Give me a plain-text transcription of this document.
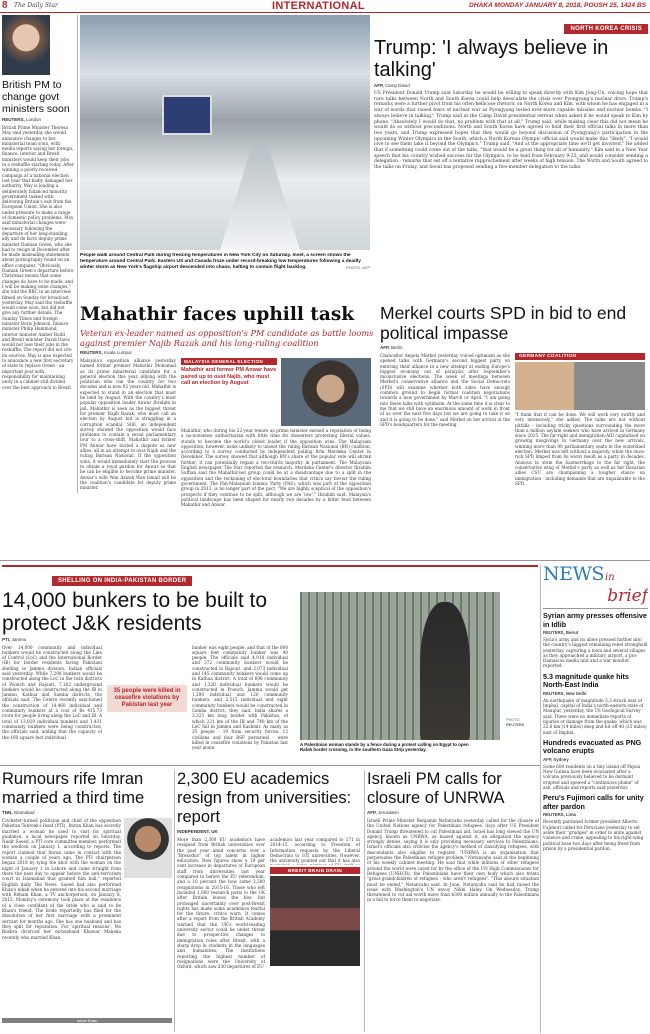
8 The Daily Star	INTERNATIONAL	DHAKA MONDAY JANUARY 8, 2018, POUSH 25, 1424 BS
British PM to change govt ministers soon
REUTERS, London
British Prime Minister Theresa May said yesterday she would announce changes to her ministerial team soon, with media reports saying her foreign, finance, interior and Brexit ministers would keep their jobs in a reshuffle starting today. After winning a poorly-received campaign at a national election last year that badly damaged her authority, May is leading a deliberately balanced minority government tasked with delivering Britain's exit from the European Union. She is also under pressure to make a range of domestic policy problems. May said ministerial changes were necessary following the departure of her long-standing ally and de facto deputy prime minister Damian Green, who she had to resign in December after he made misleading statements about pornography found on an office computer. "Obviously, Damian Green's departure before Christmas means that some changes do have to be made, and I will be making some changes," she told the BBC in an interview filmed on Sunday for broadcast yesterday. May said the reshuffle would come soon, but did not give any further details. The Sunday Times and foreign minister Boris Johnson, finance minister Philip Hammond, interior minister Amber Rudd and Brexit minister David Davis would not lose their jobs in the reshuffle. The report did not cite its sources. May is also expected to announce a new first secretary of state to replace Green - an important post with responsibility for maintaining unity in a cabinet still divided over the best approach to Brexit.
People walk around Central Park during freezing temperatures in New York City on Saturday. Inset, a screen shows the temperature around Central Park. Eastern US and Canada froze under record-breaking low temperatures following a deadly winter storm as New York's flagship airport descended into chaos, halting to contain flight backlog.	PHOTO: AFP
NORTH KOREA CRISIS
Trump: 'I always believe in talking'
AFP, Camp David
US President Donald Trump said Saturday he would be willing to speak directly with Kim Jong-Un, voicing hope that rare talks between North and South Korea could help deescalate the crisis over Pyongyang's nuclear drive. Trump's remarks were a further pivot from his often-bellicose rhetoric on North Korea and Kim, with whom he has engaged in a war of words that raised fears of nuclear war as Pyongyang tested ever-more capable missiles and nuclear bombs. "I always believe in talking," Trump said at the Camp David presidential retreat when asked if he would speak to Kim by phone. "Absolutely I would do that, no problem with that at all," Trump said, while making clear this did not mean he would do so without preconditions. North and South Korea have agreed to hold their first official talks in more than two years, and Trump expressed hopes that they would go beyond discussion of Pyongyang's participation in the upcoming Winter Olympics in the South, which a North Korean Olympic official said would make this "likely". "I would love to see them take it beyond the Olympics," Trump said. "And at the appropriate time we'll get involved." He added that if something could come out of the talks, "that would be a great thing for all of humanity." Kim said in a New Year speech that his country wished success for the Olympics, to be held from February 9-25, and would consider sending a delegation - remarks that set off a tentative rapprochement after weeks of high tension. The North and South agreed to the talks on Friday, and Seoul has proposed sending a five-member delegation to the talks.
Mahathir faces uphill task
Veteran ex-leader named as opposition's PM candidate as battle looms against premier Najib Razak and his long-ruling coalition
REUTERS, Kuala Lumpur
Malaysia's opposition alliance yesterday named former premier Mahathir Mohamad as its prime ministerial candidate for a general election this year, allying with the politician who ran the country for two decades and is now 92 years old. Mahathir is expected to stand in an election that must be held by August. With the country's most popular opposition leader Anwar Ibrahim in jail, Mahathir is seen as the biggest threat for premier Najib Razak, who must call an election by August but is struggling in a corruption scandal. Still, an independent survey showed the opposition would face problems to contain a serial parliamentary tour to a cross-shift. Mahathir and former PM Anwar have buried a dispute as new allies, all in an attempt to oust Najib and the ruling Barisan Nasional. If the opposition wins, it would immediately start the process to obtain a royal pardon for Anwar so that he can be eligible to become prime minister. Anwar's wife Wan Azizah Wan Ismail will be the coalition's candidate for deputy prime minister.
MALAYSIA GENERAL ELECTION
Mahathir and former PM Anwar have paired up to oust Najib, who must call an election by August
Mahathir, who during his 22-year tenure as prime minister earned a reputation of being a no-nonsense authoritarian with little time for dissenters protesting liberal values, stands to become the world's oldest leader if the opposition wins. The Malaysian opposition, however, looks unlikely to unseat the ruling Barisan Nasional (BN) coalition, according to a survey conducted by independent polling firm Merdeka Center in December. The survey showed that although BN's share of the popular vote will shrink further, it can potentially regain a two-thirds majority in parliament. The Malaysian English newspaper The Star reported the research. Merdeka Center's director Ibrahim Suffian said the Mahathir-led group could be at a disadvantage due to a split in the opposition and the reckoning of electoral boundaries that critics say favour the ruling government. The Pan-Malaysian Islamic Party (PAS), which was part of the opposition group in 2013, is no longer part of the pact. "We are highly sceptical of the opposition's prospects if they continue to be split, although we are 'low'," Ibrahim said. Malaysia's political landscape has been shaped for nearly two decades by a bitter feud between Mahathir and Anwar.
Merkel courts SPD in bid to end political impasse
AFP, Berlin
Chancellor Angela Merkel yesterday voiced optimism as she opened talks with Germany's second biggest party on entering their alliance in a new attempt at ending Europe's biggest economy out of paralysis after September's inconclusive elections. The week of meetings between Merkel's conservative alliance and the Social Democrats (SPD) will examine whether both sides have enough common ground to begin formal coalition negotiations towards a new government by March or April. "I am going into these talks with optimism. At the same time it is clear to me that we still have an enormous amount of work in front of us over the next five days but we are going to take it on and it is going to be done," said Merkel on her arrival at the SPD's headquarters for the meeting.
GERMANY COALITION
"I think that it can be done. We will work very swiftly and very intensively," she added. The talks are not without pitfalls - including tricky questions surrounding the more than a million asylum seekers who have arrived in Germany since 2015. The far-right and immigration-AfD capitalised on growing misgivings in Germany over the new arrivals, winning more than 90 parliamentary seats in the watershed election. Merkel was left without a majority, while the once-rich SPD limped from its worst result as a party in decades. Anxious to stem the haemorrhage to the far right, the conservative wing of Merkel's party as well as her Bavarian allies CSU are championing a tougher stance on immigration - including demands that are unpalatable to the SPD.
SHELLING ON INDIA-PAKISTAN BORDER
14,000 bunkers to be built to protect J&K residents
PTI, Jammu
Over 14,000 community and individual bunkers would be constructed along the Line of Control (LoC) and the International Border (IB) for border residents facing Pakistani shelling in Jammu division, Indian officials said yesterday. While 7,298 bunkers would be constructed along the LoC in the twin districts of Poonch and Rajouri, 7,162 underground bunkers would be constructed along the IB in Jammu, Kathua and Samba districts, the officials said. The Centre recently sanctioned the construction of 14,460 individual and community bunkers at a cost of Rs 415.73 crore for people living along the LoC and IB. A total of 13,029 individual bunkers and 1,431 community bunkers were being constructed, the officials said, adding that the capacity of the 160 square feet individual
35 people were killed in ceasefire violations by Pakistan last year
bunker was eight people, and that of the 800 square feet community bunker was 40 people. The officials said 4,918 individual and 372 community bunkers would be constructed in Rajouri, and 2,073 individual and 145 community bunkers would come up in Kathua district. A total of 698 community and 1,320 individual bunkers would be constructed in Poonch. Jammu would get 1,200 individual and 120 community bunkers, and 2,515 individual and eight community bunkers would be constructed in Samba district, they said. India shares a 3,323 km long border with Pakistan, of which 221 km of the IB and 740 km of the LoC fall in Jammu and Kashmir. As many as 35 people - 19 from security forces, 12 civilians and four BSF personnel - were killed in ceasefire violations by Pakistan last year alone.
A Palestinian woman stands by a fence during a protest calling on Egypt to open Rafah border crossing, in the southern Gaza Strip yesterday.
PHOTO:
REUTERS
NEWSin
brief
Syrian army presses offensive in Idlib
REUTERS, Beirut
Syria's army and its allies pressed further into the country's biggest remaining rebel stronghold yesterday, capturing a town and several villages as they approached a military airport, a pro-Damascus media unit and a war monitor reported.
5.3 magnitude quake hits North-East India
REUTERS, New Delhi
An earthquake of magnitude 5.3 struck east of Imphal, capital of India's north-eastern state of Manipur, yesterday, the US Geological Survey said. There were no immediate reports of injuries or damage from the quake, which was 22.6 km (14 miles) deep and hit off 40 (25 miles) east of Imphal.
Hundreds evacuated as PNG volcano erupts
AFP, Sydney
Some 600 residents on a tiny island off Papua New Guinea have been evacuated after a volcano previously believed to be dormant erupted and spewed a "continuous plume" of ash, officials and reports said yesterday.
Peru's Fujimori calls for unity after pardon
REUTERS, Lima
Recently pardoned former president Alberto Fujimori called for Peruvians yesterday to set aside their "grudges" in order to unite against violence and crime, appealing to his right-wing political base two days after being freed from prison by a presidential pardon.
Rumours rife Imran married a third time
TNN, Islamabad
Imran Khan
Cricketer-turned politician and chief of the opposition Pakistan Tehreek-i-Insaf (PTI), Imran Khan has secretly married a woman he used to visit for spiritual guidance, a local newspaper reported on Saturday. Nadir Saeed, a PTI core committee member, performed the wedlock on January 1, according to reports. The report claimed that Imran came in contact with the woman a couple of years ago. The PTI chairperson began 2018 by tying the knot with the woman on the night of January 1 in Lahore and came straight from there the next day to appear before the anti-terrorism court in Islamabad that granted him bail," reported English daily The News. Saeed had also performed Khan's nikah when he entered into his second marriage with Reham Khan, a TV anchorperson, on January 8, 2015. Monday's ceremony took place at the residence of a close confidant of the bride who is said to be Khan's friend. The bride reportedly has filed for the dissolution of her first marriage with a prominent servant for months ago. She has one husband and has they split for reputation. For 'spiritual reasons', Ms Bushra divorced her ex-husband Khawar Maneka recently who married Khan.
2,300 EU academics resign from universities: report
INDEPENDENT, UK
More than 2,300 EU academics have resigned from British universities over the past year amid concerns over a "Brexodus" of top talent in higher education. New figures show a 19 per cent increase in departures of European staff from universities last year compared to before the EU referendum, and a 10 percent the how some 2,300 resignations in 2015-16. Those who left included 1,000 research posts to the UK after Britain leaves the bloc but prolonged uncertainty over post-Brexit rights has made some academics fearful for the future, critics warn. It comes after a report from the British Academy warned that the UK's world-leading university sector could be under threat due to prospective changes to immigration rules after Brexit, with a sharp drop in students in the languages and humanities. The institutions reporting the highest number of resignations were the University of Oxford, which saw 230 departures of EU
academics last year compared to 171 in 2014-15, according to Freedom of Information requests by the Liberal Democrats to 105 universities. However, the university pointed out that it has also
BREXIT BRAIN DRAIN
Israeli PM calls for closure of UNRWA
AFP, Jerusalem
Israeli Prime Minister Benjamin Netanyahu yesterday called for the closure of the United Nations agency for Palestinian refugees, days after US President Donald Trump threatened to cut Palestinian aid. Israel has long viewed the UN agency, known as UNRWA, as biased against it, an allegation the agency strongly denies, saying it is only providing necessary services to Palestinians. Israel's officials also criticise the agency's method of classifying refugees, with descendants also eligible to register. "UNRWA is an organisation that perpetuates the Palestinian refugee problem," Netanyahu said at the beginning of his weekly cabinet meeting. He said that while millions of other refugees around the world were cared for by the office of the UN High Commissioner for Refugees (UNHCR), the Palestinians have their own body which also treats "great-grandchildren of refugees - who aren't refugees". "This absurd situation must be ended," Netanyahu said. In June, Netanyahu said he had raised the issue with Washington's UN envoy Nikki Haley. On Wednesday, Trump threatened to cut aid worth more than $300 million annually to the Palestinians in a bid to force them to negotiate.
